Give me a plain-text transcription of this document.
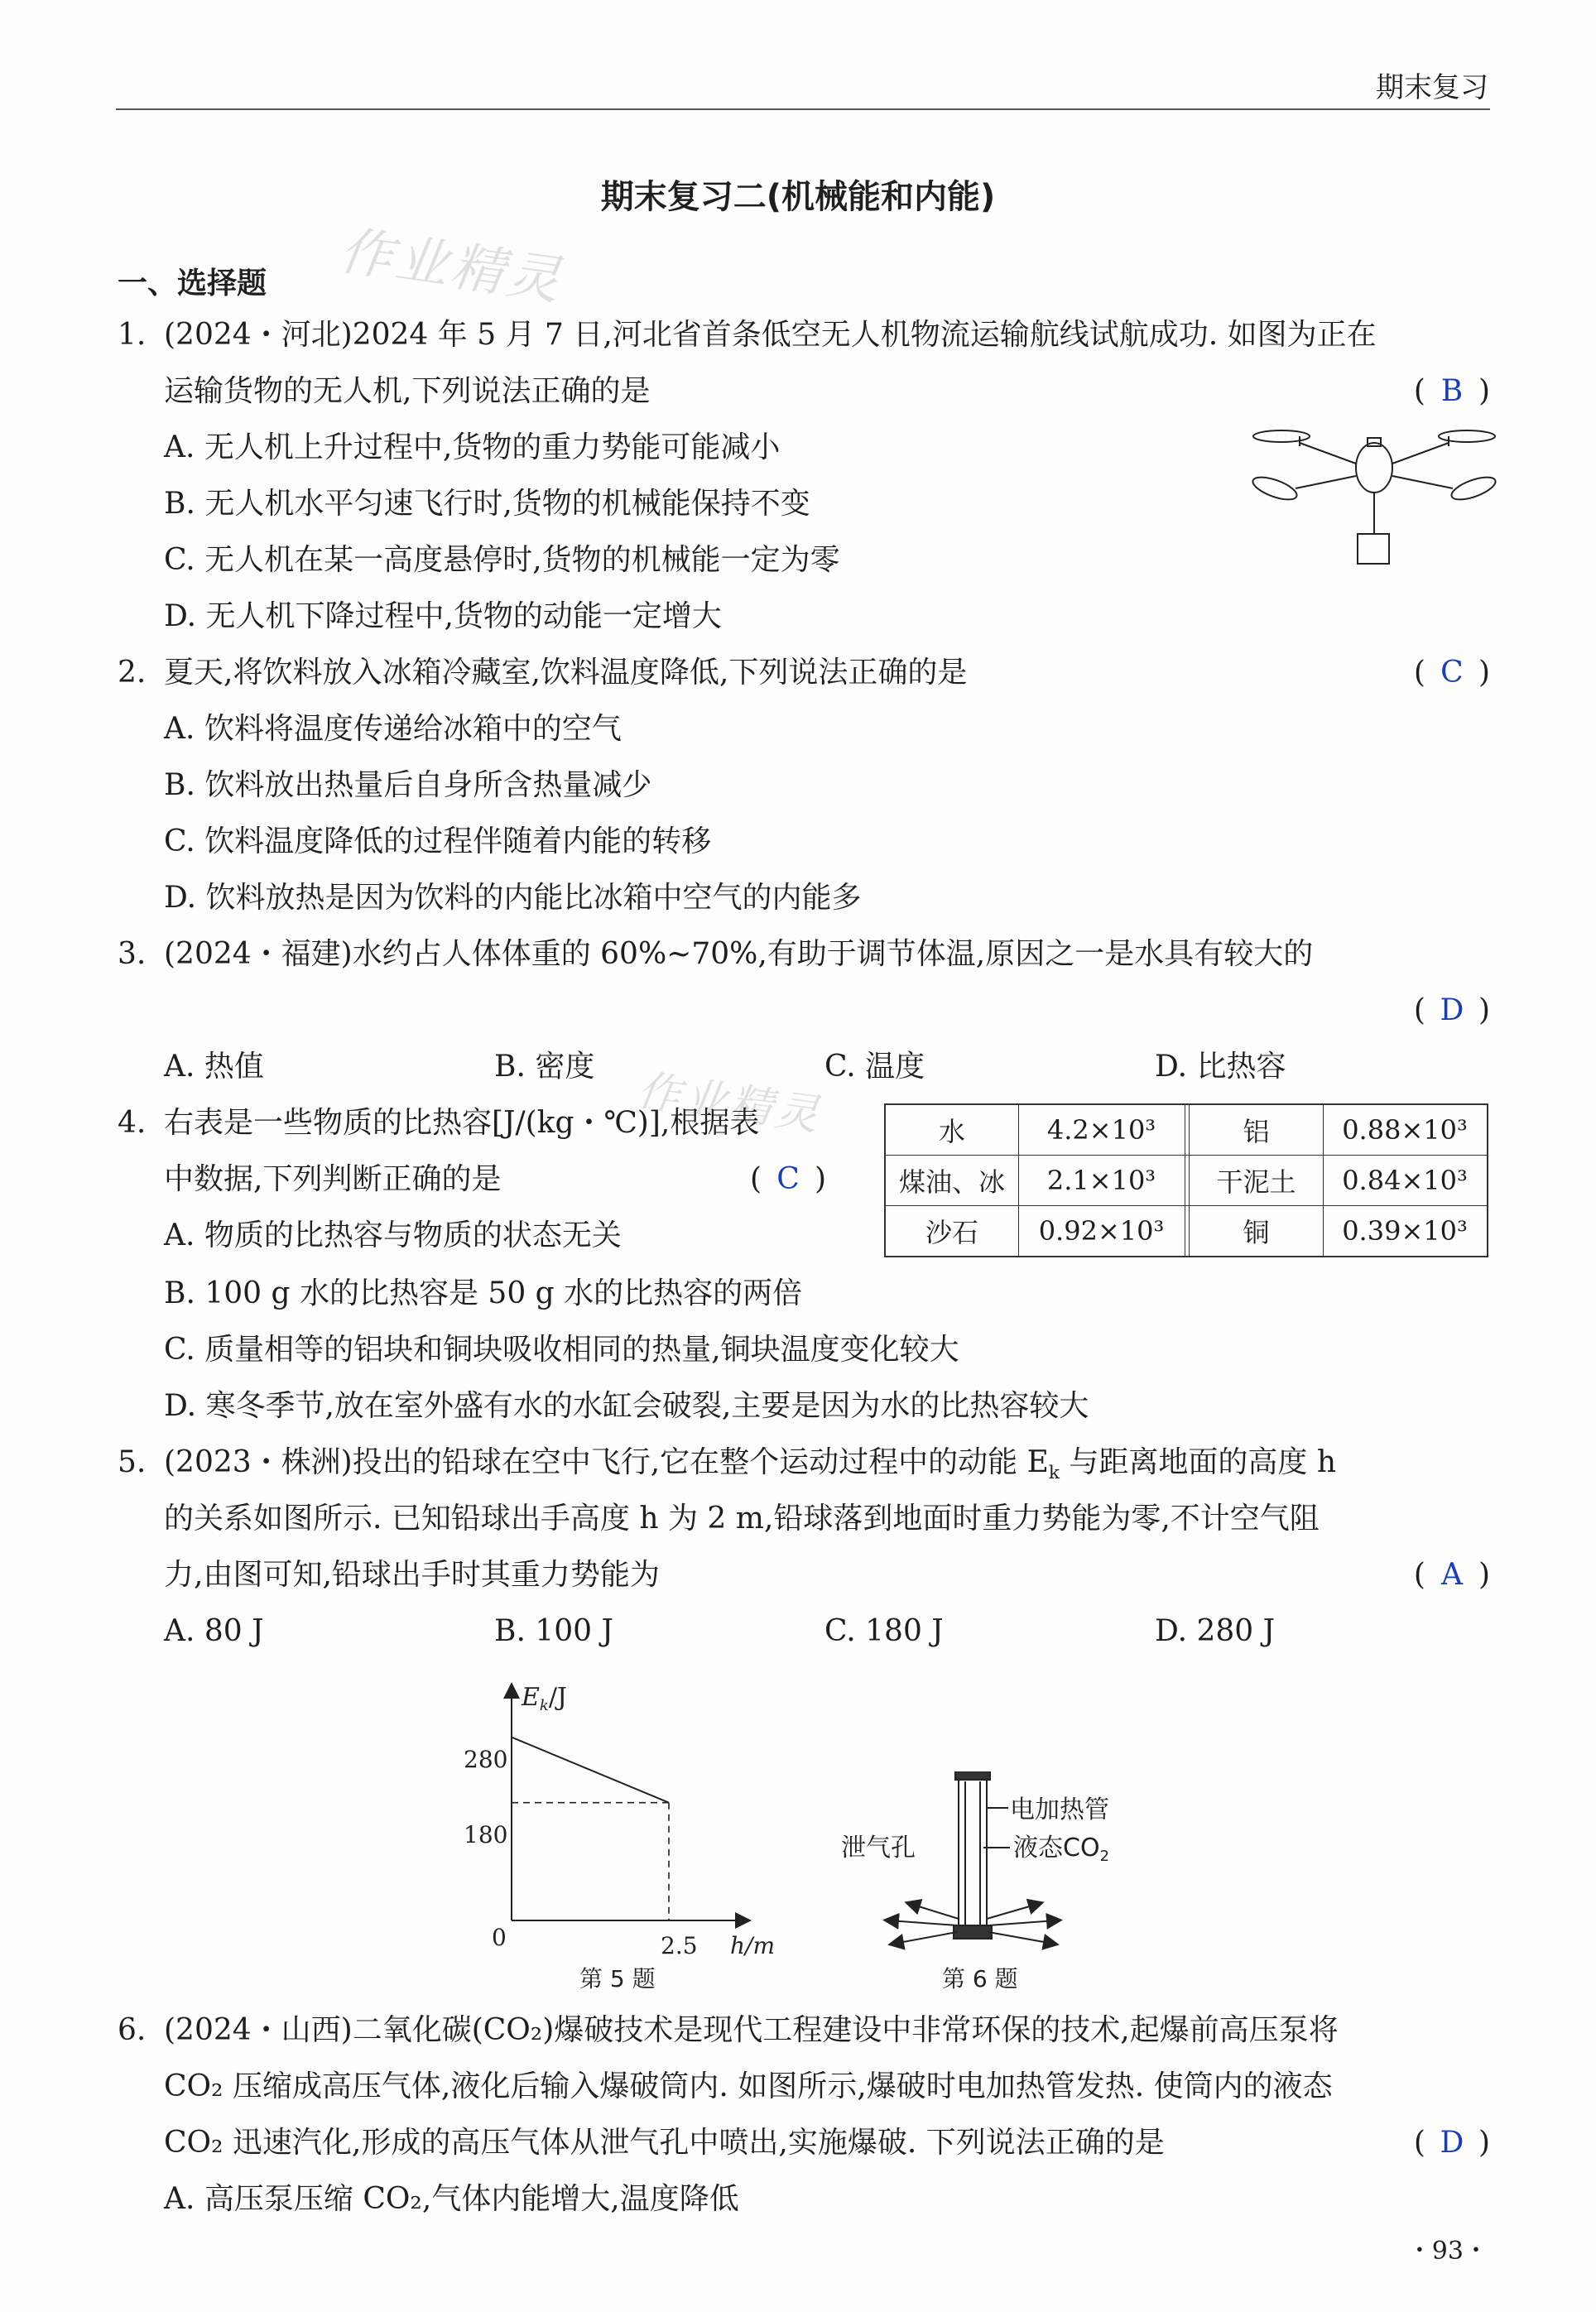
期末复习
期末复习二(机械能和内能)
作业精灵
作业精灵
一、选择题
1. (2024・河北)2024 年 5 月 7 日,河北省首条低空无人机物流运输航线试航成功. 如图为正在
运输货物的无人机,下列说法正确的是	( B )
A. 无人机上升过程中,货物的重力势能可能减小
B. 无人机水平匀速飞行时,货物的机械能保持不变
C. 无人机在某一高度悬停时,货物的机械能一定为零
D. 无人机下降过程中,货物的动能一定增大
2. 夏天,将饮料放入冰箱冷藏室,饮料温度降低,下列说法正确的是	( C )
A. 饮料将温度传递给冰箱中的空气
B. 饮料放出热量后自身所含热量减少
C. 饮料温度降低的过程伴随着内能的转移
D. 饮料放热是因为饮料的内能比冰箱中空气的内能多
3. (2024・福建)水约占人体体重的 60%~70%,有助于调节体温,原因之一是水具有较大的
( D )
A. 热值	B. 密度	C. 温度	D. 比热容
4. 右表是一些物质的比热容[J/(kg・℃)],根据表
中数据,下列判断正确的是	( C )
水	4.2×10³	铝	0.88×10³
煤油、冰	2.1×10³	干泥土	0.84×10³
沙石	0.92×10³	铜	0.39×10³
A. 物质的比热容与物质的状态无关
B. 100 g 水的比热容是 50 g 水的比热容的两倍
C. 质量相等的铝块和铜块吸收相同的热量,铜块温度变化较大
D. 寒冬季节,放在室外盛有水的水缸会破裂,主要是因为水的比热容较大
5. (2023・株洲)投出的铅球在空中飞行,它在整个运动过程中的动能 $E_k$ 与距离地面的高度 h
的关系如图所示. 已知铅球出手高度 h 为 2 m,铅球落到地面时重力势能为零,不计空气阻
力,由图可知,铅球出手时其重力势能为	( A )
A. 80 J	B. 100 J	C. 180 J	D. 280 J
$E_k/J$
280
180
0	2.5 h/m
第 5 题
电加热管
液态$CO_2$
泄气孔
第 6 题
6. (2024・山西)二氧化碳(CO₂)爆破技术是现代工程建设中非常环保的技术,起爆前高压泵将
CO₂ 压缩成高压气体,液化后输入爆破筒内. 如图所示,爆破时电加热管发热. 使筒内的液态
CO₂ 迅速汽化,形成的高压气体从泄气孔中喷出,实施爆破. 下列说法正确的是	( D )
A. 高压泵压缩 CO₂,气体内能增大,温度降低
・93・
